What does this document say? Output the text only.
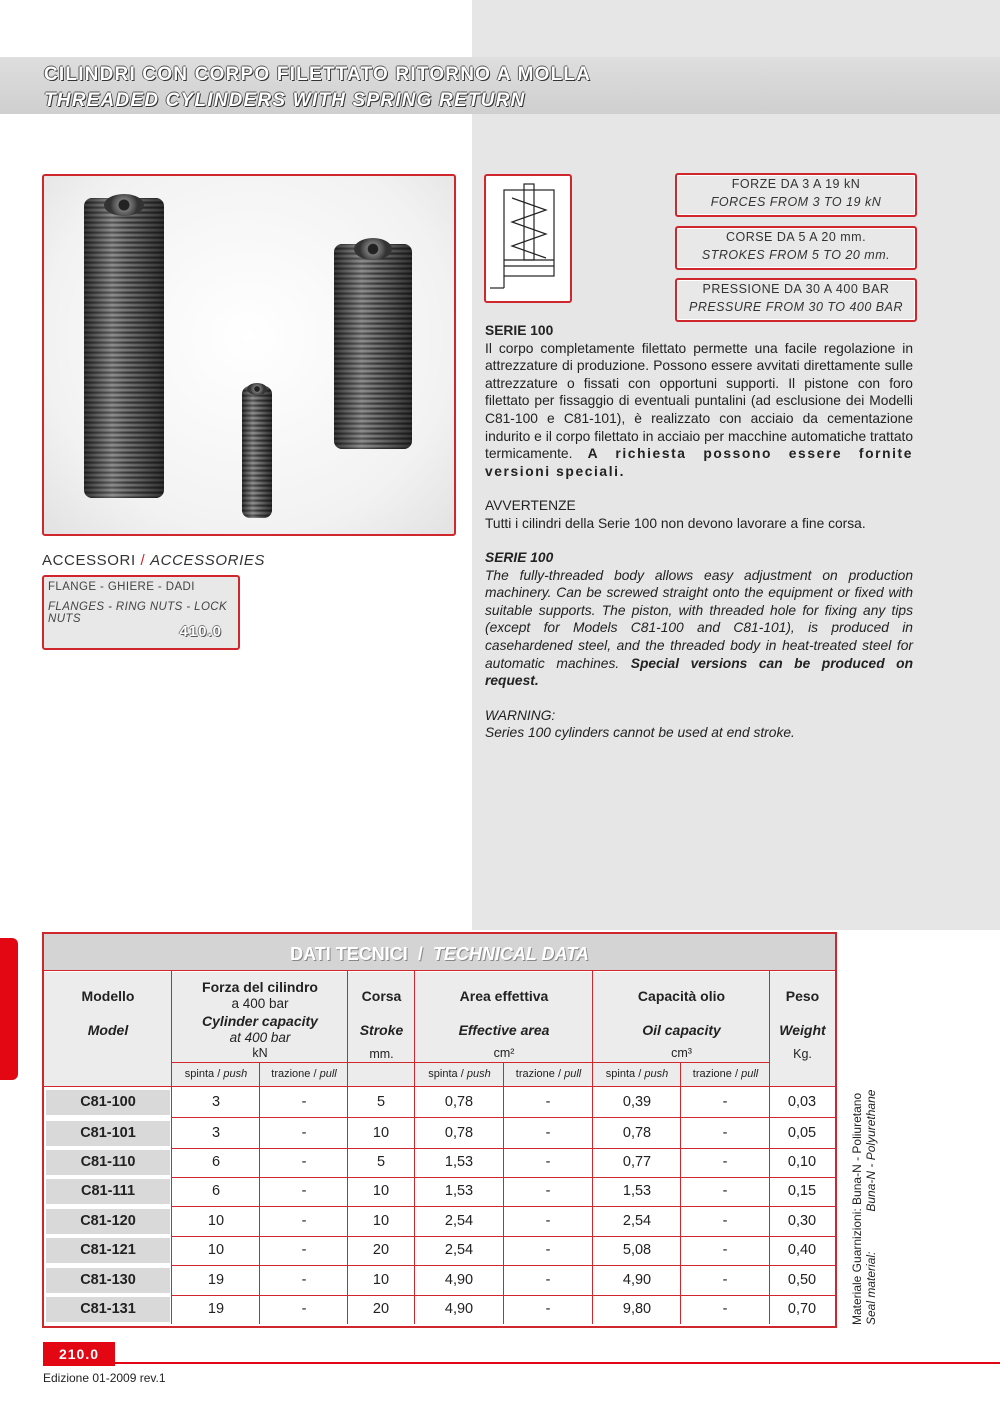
CILINDRI CON CORPO FILETTATO RITORNO A MOLLA
THREADED CYLINDERS WITH SPRING RETURN
FORZE DA 3 A 19 kN
FORCES FROM 3 TO 19 kN
CORSE DA 5 A 20 mm.
STROKES FROM 5 TO 20 mm.
PRESSIONE DA 30 A 400 BAR
PRESSURE FROM 30 TO 400 BAR
SERIE 100
Il corpo completamente filettato permette una facile regolazione in attrezzature di produzione. Possono essere avvitati direttamente sulle attrezzature o fissati con opportuni supporti. Il pistone con foro filettato per fissaggio di eventuali puntalini (ad esclusione dei Modelli C81-100 e C81-101), è realizzato con acciaio da cementazione indurito e il corpo filettato in acciaio per macchine automatiche trattato termicamente. A richiesta possono essere fornite versioni speciali.
AVVERTENZE
Tutti i cilindri della Serie 100 non devono lavorare a fine corsa.
SERIE 100
The fully-threaded body allows easy adjustment on production machinery. Can be screwed straight onto the equipment or fixed with suitable supports. The piston, with threaded hole for fixing any tips (except for Models C81-100 and C81-101), is produced in casehardened steel, and the threaded body in heat-treated steel for automatic machines. Special versions can be produced on request.
WARNING:
Series 100 cylinders cannot be used at end stroke.
ACCESSORI / ACCESSORIES
FLANGE - GHIERE - DADI
FLANGES - RING NUTS - LOCK NUTS
410.0
DATI TECNICI / TECHNICAL DATA
Modello
Model
Forza del cilindro
a 400 bar
Cylinder capacity
at 400 bar
kN
Corsa
Stroke
mm.
Area effettiva
Effective area
cm²
Capacità olio
Oil capacity
cm³
Peso
Weight
Kg.
spinta / push	trazione / pull	spinta / push	trazione / pull	spinta / push	trazione / pull
C81-100	3	-	5	0,78	-	0,39	-	0,03
C81-101	3	-	10	0,78	-	0,78	-	0,05
C81-110	6	-	5	1,53	-	0,77	-	0,10
C81-111	6	-	10	1,53	-	1,53	-	0,15
C81-120	10	-	10	2,54	-	2,54	-	0,30
C81-121	10	-	20	2,54	-	5,08	-	0,40
C81-130	19	-	10	4,90	-	4,90	-	0,50
C81-131	19	-	20	4,90	-	9,80	-	0,70	Materiale Guarnizioni: Buna-N - Poliuretano Seal material:Buna-N - Polyurethane
210.0
Edizione 01-2009 rev.1
